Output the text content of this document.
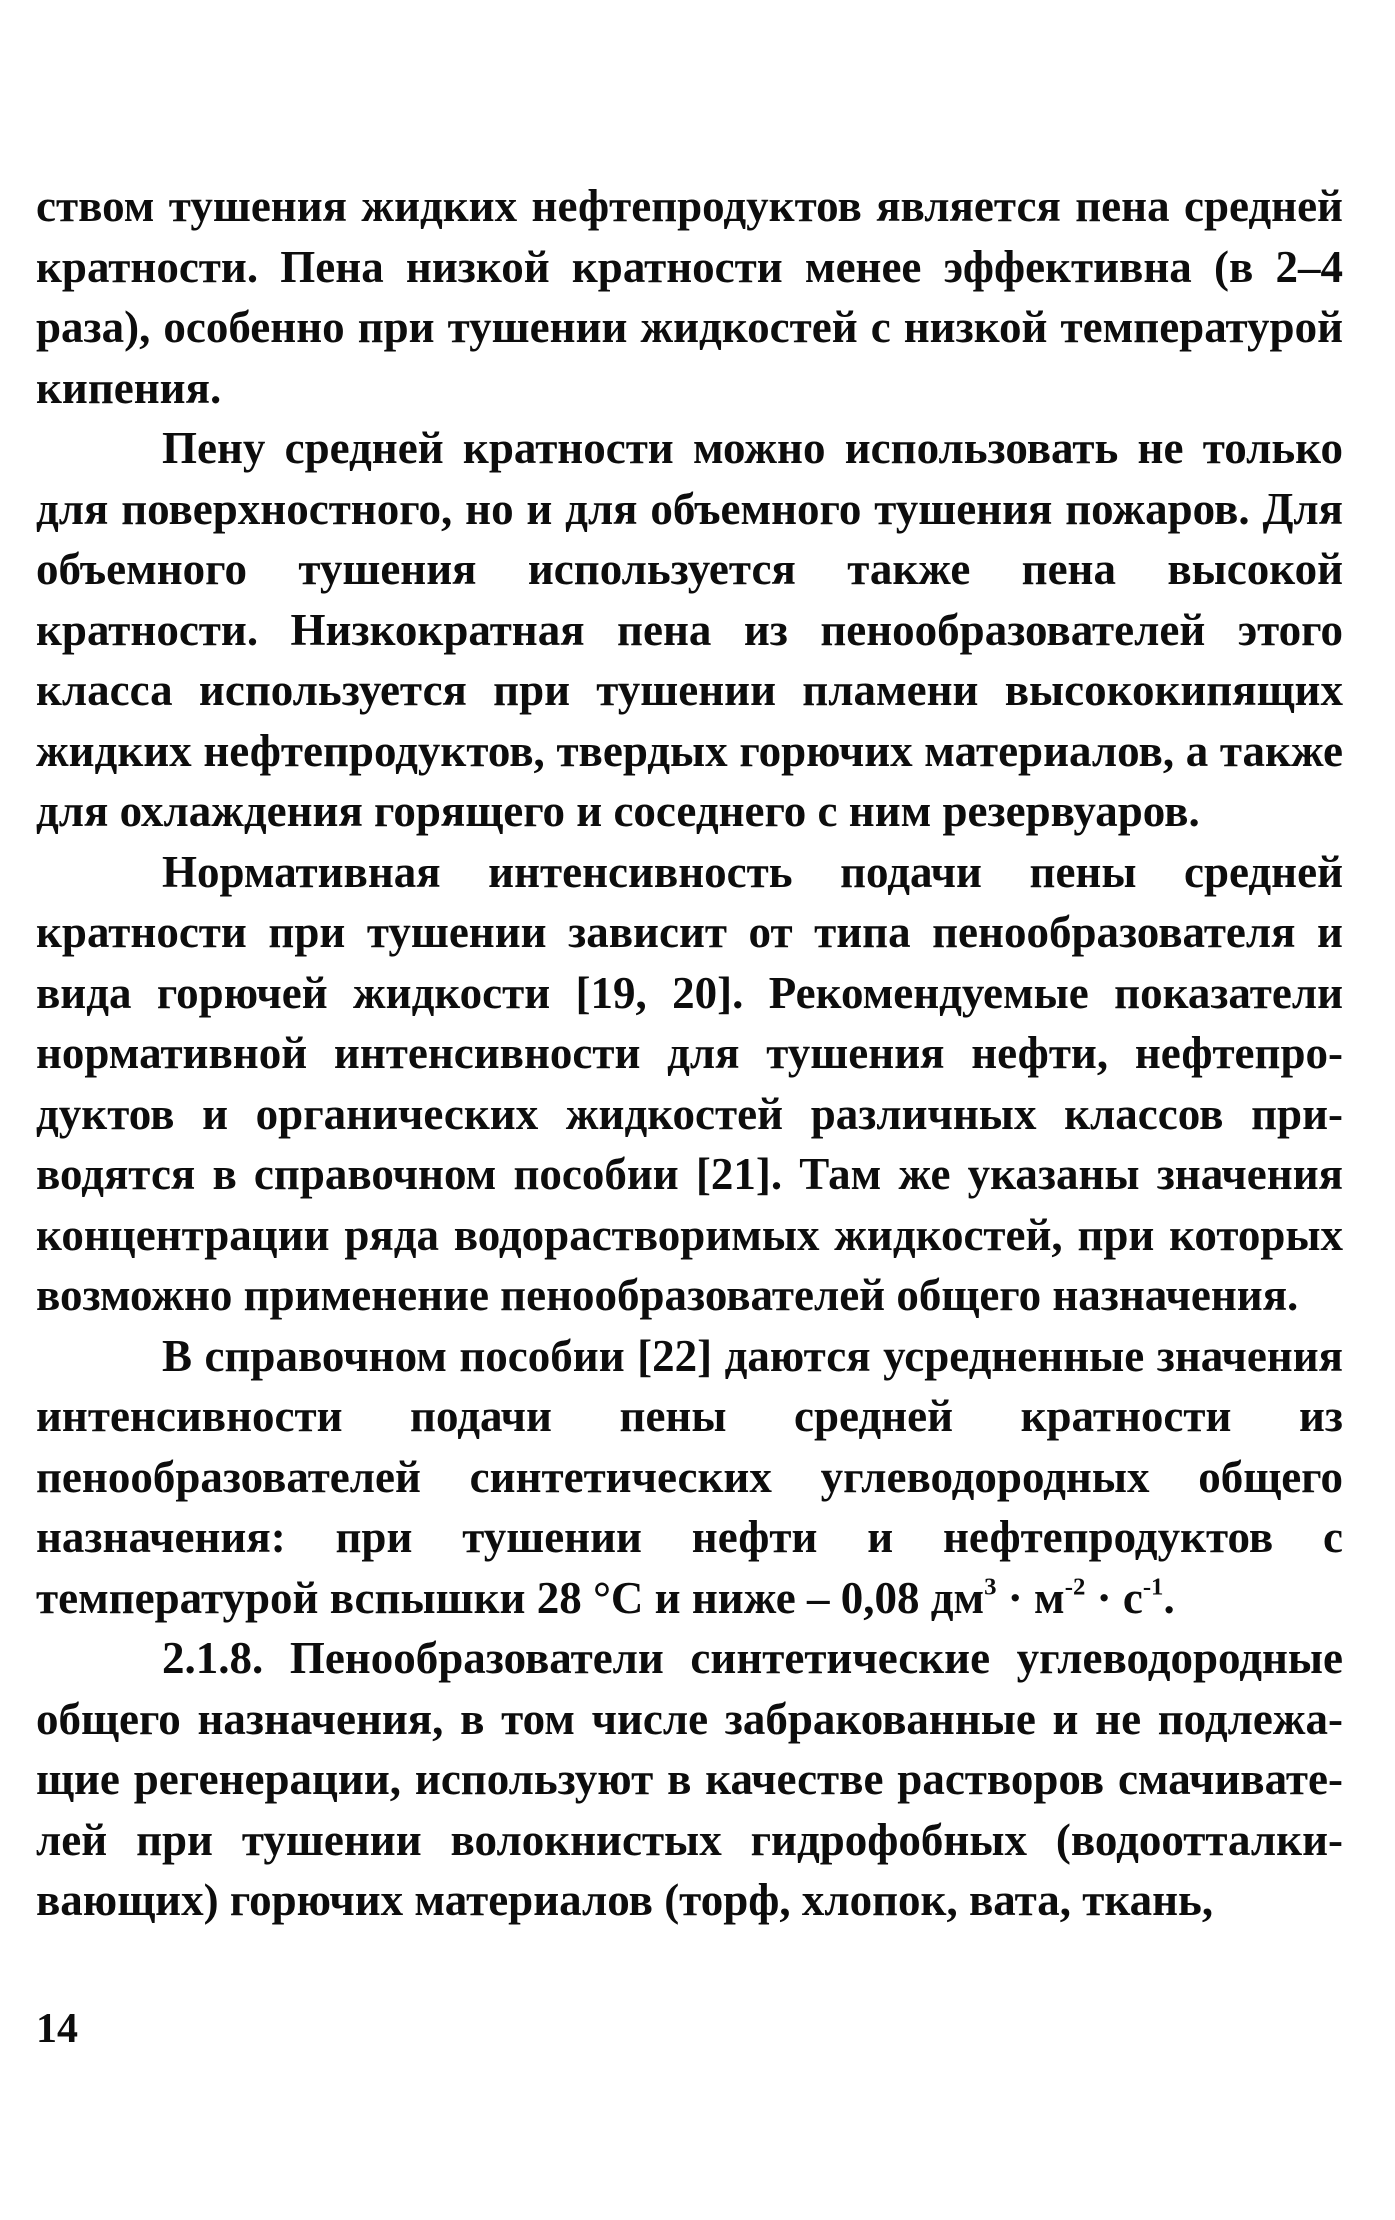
ством тушения жидких нефтепродуктов является пена средней кратности. Пена низкой кратности менее эффективна (в 2–4 раза), особенно при тушении жидкостей с низкой температурой кипения.

Пену средней кратности можно использовать не только для поверхностного, но и для объемного тушения пожаров. Для объемного тушения используется также пена высокой кратности. Низкократная пена из пенообразователей этого класса используется при тушении пламени высококипящих жидких нефтепродуктов, твердых горючих материалов, а также для охлаждения горящего и соседнего с ним резервуаров.

Нормативная интенсивность подачи пены средней кратности при тушении зависит от типа пенообразователя и вида горючей жидкости [19, 20]. Рекомендуемые показатели нормативной интенсивности для тушения нефти, нефтепродуктов и органических жидкостей различных классов приводятся в справочном пособии [21]. Там же указаны значения концентрации ряда водорастворимых жидкостей, при которых возможно применение пенообразователей общего назначения.

В справочном пособии [22] даются усредненные значения интенсивности подачи пены средней кратности из пенообразователей синтетических углеводородных общего назначения: при тушении нефти и нефтепродуктов с температурой вспышки 28 °С и ниже – 0,08 $дм^3 \cdot м^{-2} \cdot с^{-1}$.

2.1.8. Пенообразователи синтетические углеводородные общего назначения, в том числе забракованные и не подлежащие регенерации, используют в качестве растворов смачивателей при тушении волокнистых гидрофобных (водоотталкивающих) горючих материалов (торф, хлопок, вата, ткань,

14
